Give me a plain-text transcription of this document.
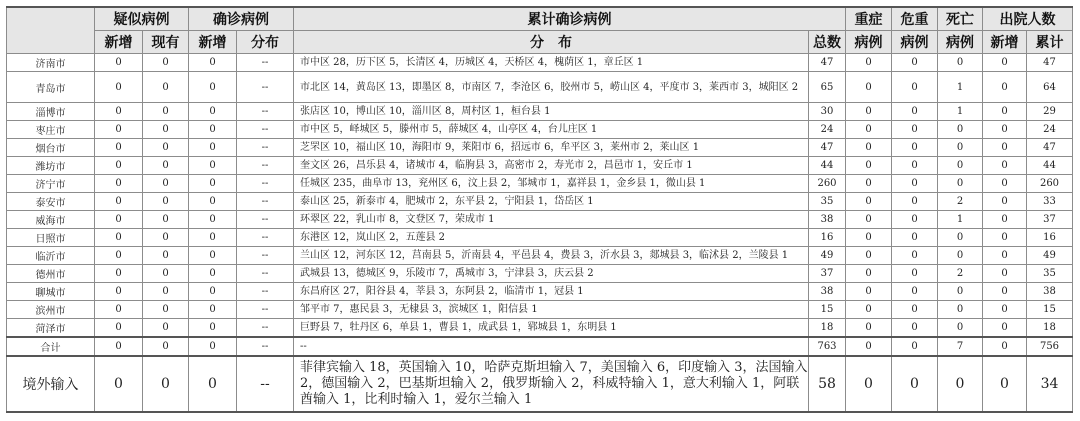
	疑似病例		确诊病例		累计确诊病例		重症	危重	死亡	出院人数	
	新增	现有	新增	分布	分　布	总数	病例	病例	病例	新增	累计
济南市	0	0	0	--	市中区 28，历下区 5，长清区 4，历城区 4，天桥区 4，槐荫区 1，章丘区 1	47	0	0	0	0	47
青岛市	0	0	0	--	市北区 14，黄岛区 13，即墨区 8，市南区 7，李沧区 6，胶州市 5，崂山区 4，平度市 3，莱西市 3，城阳区 2	65	0	0	1	0	64
淄博市	0	0	0	--	张店区 10，博山区 10，淄川区 8，周村区 1，桓台县 1	30	0	0	1	0	29
枣庄市	0	0	0	--	市中区 5，峄城区 5，滕州市 5，薛城区 4，山亭区 4，台儿庄区 1	24	0	0	0	0	24
烟台市	0	0	0	--	芝罘区 10，福山区 10，海阳市 9，莱阳市 6，招远市 6，牟平区 3，莱州市 2，莱山区 1	47	0	0	0	0	47
潍坊市	0	0	0	--	奎文区 26，昌乐县 4，诸城市 4，临朐县 3，高密市 2，寿光市 2，昌邑市 1，安丘市 1	44	0	0	0	0	44
济宁市	0	0	0	--	任城区 235，曲阜市 13，兖州区 6，汶上县 2，邹城市 1，嘉祥县 1，金乡县 1，微山县 1	260	0	0	0	0	260
泰安市	0	0	0	--	泰山区 25，新泰市 4，肥城市 2，东平县 2，宁阳县 1，岱岳区 1	35	0	0	2	0	33
威海市	0	0	0	--	环翠区 22，乳山市 8，文登区 7，荣成市 1	38	0	0	1	0	37
日照市	0	0	0	--	东港区 12，岚山区 2，五莲县 2	16	0	0	0	0	16
临沂市	0	0	0	--	兰山区 12，河东区 12，莒南县 5，沂南县 4，平邑县 4，费县 3，沂水县 3，郯城县 3，临沭县 2，兰陵县 1	49	0	0	0	0	49
德州市	0	0	0	--	武城县 13，德城区 9，乐陵市 7，禹城市 3，宁津县 3，庆云县 2	37	0	0	2	0	35
聊城市	0	0	0	--	东昌府区 27，阳谷县 4，莘县 3，东阿县 2，临清市 1，冠县 1	38	0	0	0	0	38
滨州市	0	0	0	--	邹平市 7，惠民县 3，无棣县 3，滨城区 1，阳信县 1	15	0	0	0	0	15
菏泽市	0	0	0	--	巨野县 7，牡丹区 6，单县 1，曹县 1，成武县 1，郓城县 1，东明县 1	18	0	0	0	0	18
合计	0	0	0	--	--	763	0	0	7	0	756
境外输入	0	0	0	--	菲律宾输入 18，英国输入 10，哈萨克斯坦输入 7，美国输入 6，印度输入 3，法国输入 2，德国输入 2，巴基斯坦输入 2，俄罗斯输入 2，科威特输入 1，意大利输入 1，阿联酋输入 1，比利时输入 1，爱尔兰输入 1	58	0	0	0	0	34
